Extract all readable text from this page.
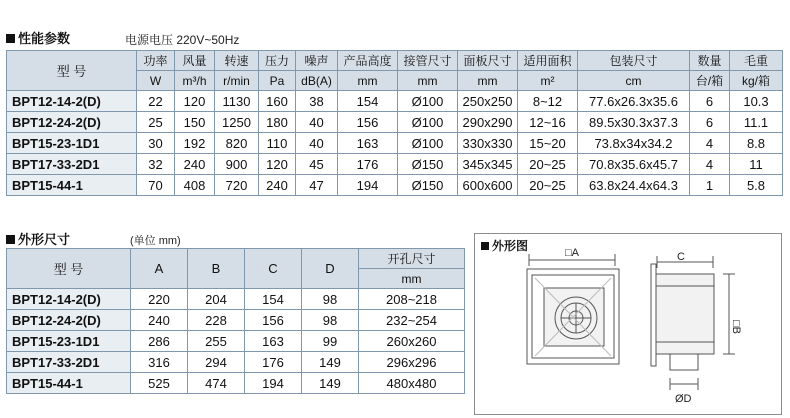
性能参数	电源电压 220V~50Hz
型 号	功率	风量	转速	压力	噪声	产品高度	接管尺寸	面板尺寸	适用面积	包装尺寸	数量	毛重
	W	m³/h	r/min	Pa	dB(A)	mm	mm	mm	m²	cm	台/箱	kg/箱
BPT12-14-2(D)	22	120	1130	160	38	154	Ø100	250x250	8~12	77.6x26.3x35.6	6	10.3
BPT12-24-2(D)	25	150	1250	180	40	156	Ø100	290x290	12~16	89.5x30.3x37.3	6	11.1
BPT15-23-1D1	30	192	820	110	40	163	Ø100	330x330	15~20	73.8x34x34.2	4	8.8
BPT17-33-2D1	32	240	900	120	45	176	Ø150	345x345	20~25	70.8x35.6x45.7	4	11
BPT15-44-1	70	408	720	240	47	194	Ø150	600x600	20~25	63.8x24.4x64.3	1	5.8
外形尺寸	(单位 mm)
型 号	A	B	C	D	开孔尺寸
					mm
BPT12-14-2(D)	220	204	154	98	208~218
BPT12-24-2(D)	240	228	156	98	232~254
BPT15-23-1D1	286	255	163	99	260x260
BPT17-33-2D1	316	294	176	149	296x296
BPT15-44-1	525	474	194	149	480x480
外形图	□A	C
□B
ØD
